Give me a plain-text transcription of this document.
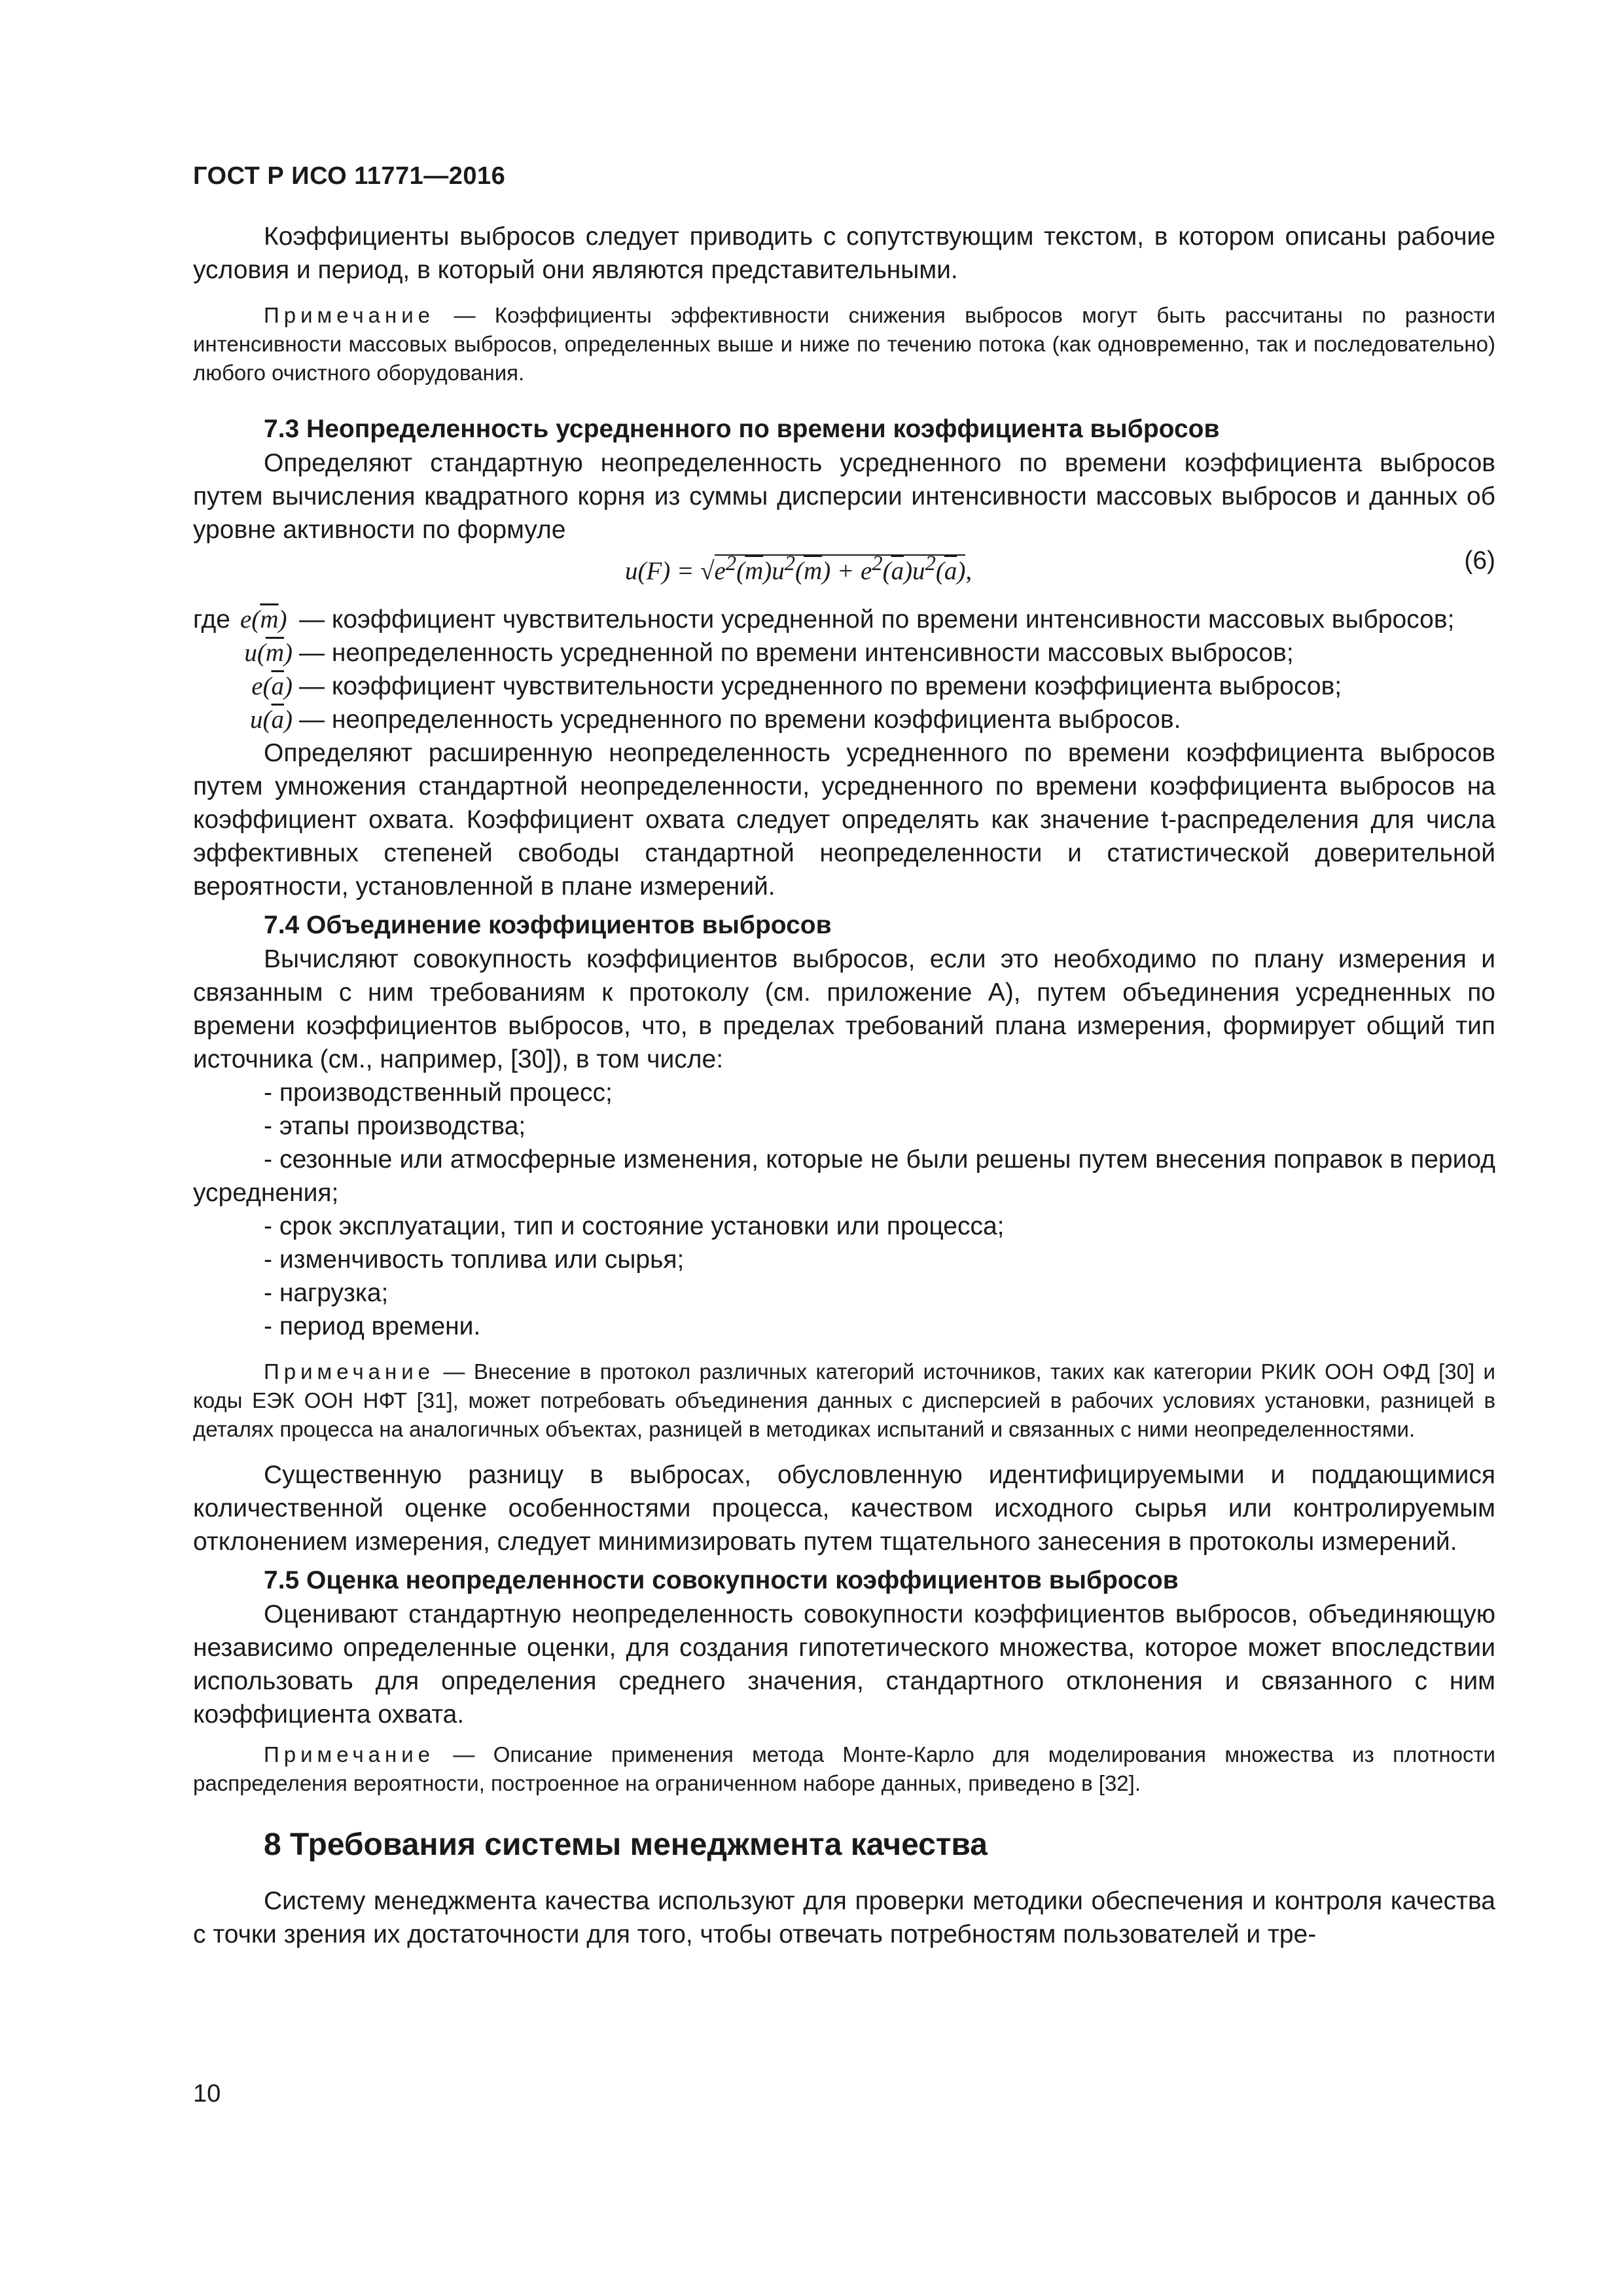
ГОСТ Р ИСО 11771—2016

Коэффициенты выбросов следует приводить с сопутствующим текстом, в котором описаны рабочие условия и период, в который они являются представительными.

Примечание — Коэффициенты эффективности снижения выбросов могут быть рассчитаны по разности интенсивности массовых выбросов, определенных выше и ниже по течению потока (как одновременно, так и последовательно) любого очистного оборудования.

7.3 Неопределенность усредненного по времени коэффициента выбросов

Определяют стандартную неопределенность усредненного по времени коэффициента выбросов путем вычисления квадратного корня из суммы дисперсии интенсивности массовых выбросов и данных об уровне активности по формуле

$u(F) = √e^2(\overline{m})u^2(\overline{m}) + e^2(\overline{a})u^2(\overline{a})$,	(6)
где $e(\overline{m})$ — коэффициент чувствительности усредненной по времени интенсивности массовых выбросов;
$u(\overline{m})$ — неопределенность усредненной по времени интенсивности массовых выбросов;
$e(\overline{a})$ — коэффициент чувствительности усредненного по времени коэффициента выбросов;
$u(\overline{a})$ — неопределенность усредненного по времени коэффициента выбросов.

Определяют расширенную неопределенность усредненного по времени коэффициента выбросов путем умножения стандартной неопределенности, усредненного по времени коэффициента выбросов на коэффициент охвата. Коэффициент охвата следует определять как значение t-распределения для числа эффективных степеней свободы стандартной неопределенности и статистической доверительной вероятности, установленной в плане измерений.

7.4 Объединение коэффициентов выбросов

Вычисляют совокупность коэффициентов выбросов, если это необходимо по плану измерения и связанным с ним требованиям к протоколу (см. приложение А), путем объединения усредненных по времени коэффициентов выбросов, что, в пределах требований плана измерения, формирует общий тип источника (см., например, [30]), в том числе:

- производственный процесс;

- этапы производства;

- сезонные или атмосферные изменения, которые не были решены путем внесения поправок в период усреднения;

- срок эксплуатации, тип и состояние установки или процесса;

- изменчивость топлива или сырья;

- нагрузка;

- период времени.

Примечание — Внесение в протокол различных категорий источников, таких как категории РКИК ООН ОФД [30] и коды ЕЭК ООН НФТ [31], может потребовать объединения данных с дисперсией в рабочих условиях установки, разницей в деталях процесса на аналогичных объектах, разницей в методиках испытаний и связанных с ними неопределенностями.

Существенную разницу в выбросах, обусловленную идентифицируемыми и поддающимися количественной оценке особенностями процесса, качеством исходного сырья или контролируемым отклонением измерения, следует минимизировать путем тщательного занесения в протоколы измерений.

7.5 Оценка неопределенности совокупности коэффициентов выбросов

Оценивают стандартную неопределенность совокупности коэффициентов выбросов, объединяющую независимо определенные оценки, для создания гипотетического множества, которое может впоследствии использовать для определения среднего значения, стандартного отклонения и связанного с ним коэффициента охвата.

Примечание — Описание применения метода Монте-Карло для моделирования множества из плотности распределения вероятности, построенное на ограниченном наборе данных, приведено в [32].

8 Требования системы менеджмента качества

Систему менеджмента качества используют для проверки методики обеспечения и контроля качества с точки зрения их достаточности для того, чтобы отвечать потребностям пользователей и тре-

10
